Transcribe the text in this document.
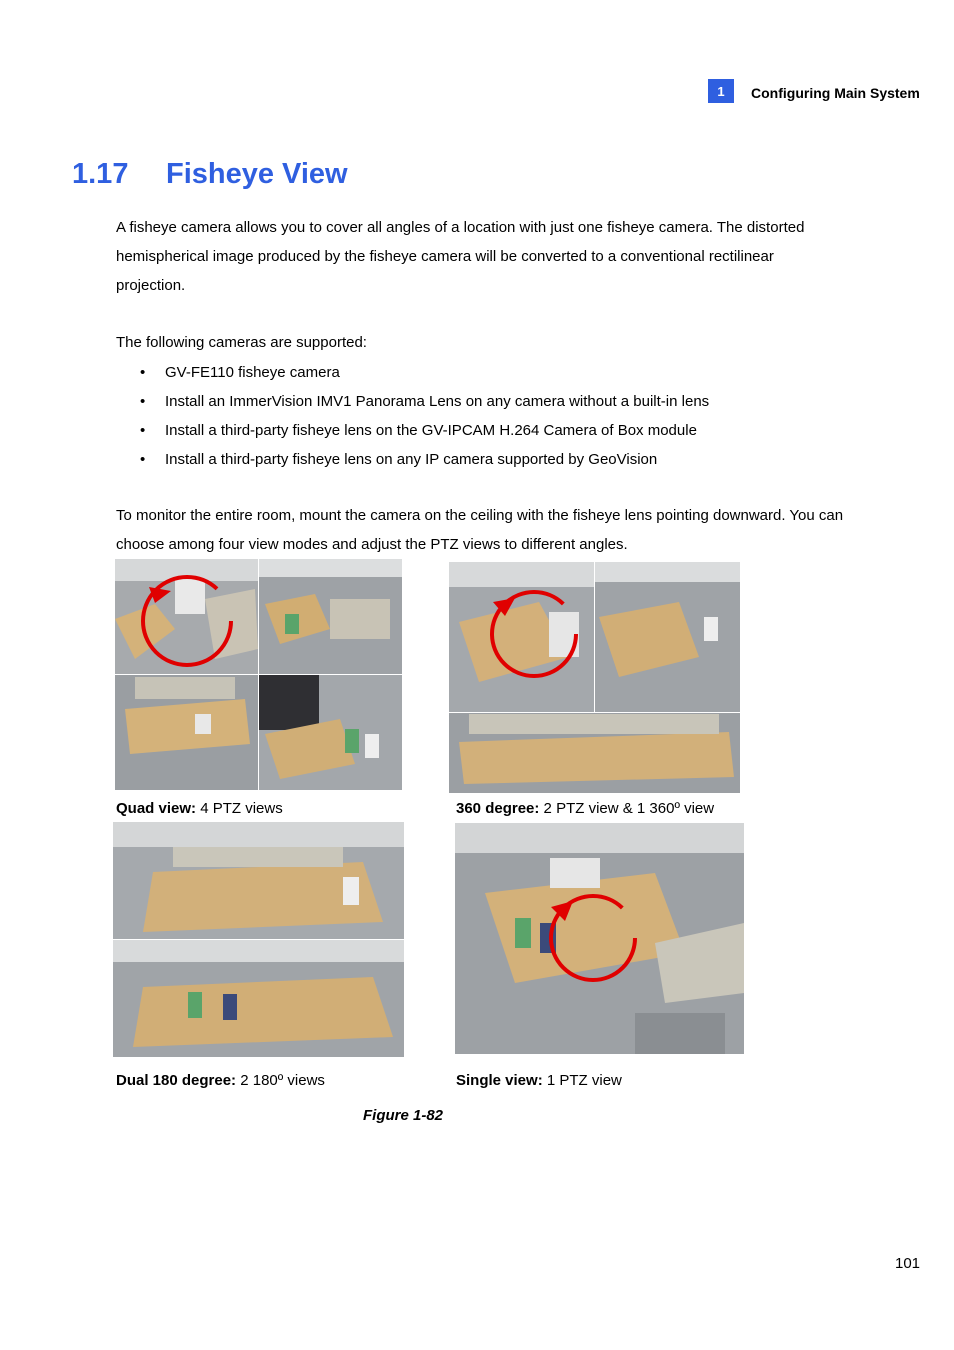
1	Configuring Main System
1.17 Fisheye View
A fisheye camera allows you to cover all angles of a location with just one fisheye camera. The distorted hemispherical image produced by the fisheye camera will be converted to a conventional rectilinear projection.
The following cameras are supported:
• GV-FE110 fisheye camera
• Install an ImmerVision IMV1 Panorama Lens on any camera without a built-in lens
• Install a third-party fisheye lens on the GV-IPCAM H.264 Camera of Box module
• Install a third-party fisheye lens on any IP camera supported by GeoVision
To monitor the entire room, mount the camera on the ceiling with the fisheye lens pointing downward. You can choose among four view modes and adjust the PTZ views to different angles.
Quad view: 4 PTZ views	360 degree: 2 PTZ view & 1 360º view
Dual 180 degree: 2 180º views	Single view: 1 PTZ view
Figure 1-82
101
